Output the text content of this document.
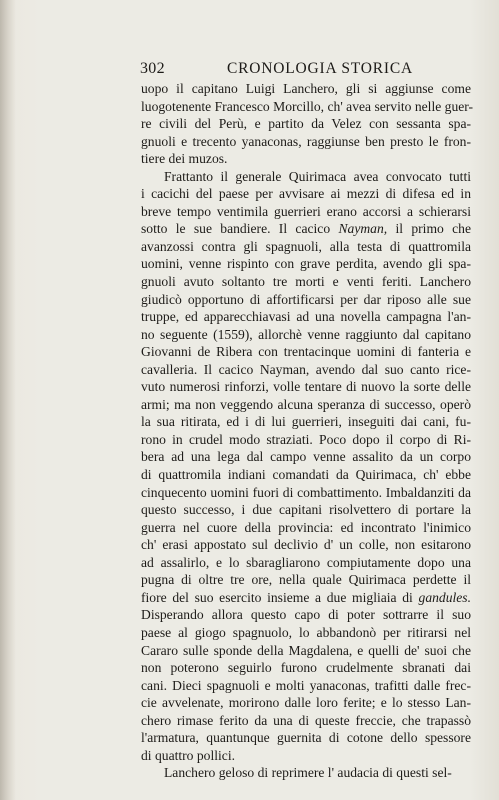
302	CRONOLOGIA STORICA
uopo il capitano Luigi Lanchero, gli si aggiunse come
luogotenente Francesco Morcillo, ch' avea servito nelle guer-
re civili del Perù, e partito da Velez con sessanta spa-
gnuoli e trecento yanaconas, raggiunse ben presto le fron-
tiere dei muzos.
Frattanto il generale Quirimaca avea convocato tutti
i cacichi del paese per avvisare ai mezzi di difesa ed in
breve tempo ventimila guerrieri erano accorsi a schierarsi
sotto le sue bandiere. Il cacico Nayman, il primo che
avanzossi contra gli spagnuoli, alla testa di quattromila
uomini, venne rispinto con grave perdita, avendo gli spa-
gnuoli avuto soltanto tre morti e venti feriti. Lanchero
giudicò opportuno di affortificarsi per dar riposo alle sue
truppe, ed apparecchiavasi ad una novella campagna l'an-
no seguente (1559), allorchè venne raggiunto dal capitano
Giovanni de Ribera con trentacinque uomini di fanteria e
cavalleria. Il cacico Nayman, avendo dal suo canto rice-
vuto numerosi rinforzi, volle tentare di nuovo la sorte delle
armi; ma non veggendo alcuna speranza di successo, operò
la sua ritirata, ed i di lui guerrieri, inseguiti dai cani, fu-
rono in crudel modo straziati. Poco dopo il corpo di Ri-
bera ad una lega dal campo venne assalito da un corpo
di quattromila indiani comandati da Quirimaca, ch' ebbe
cinquecento uomini fuori di combattimento. Imbaldanziti da
questo successo, i due capitani risolvettero di portare la
guerra nel cuore della provincia: ed incontrato l'inimico
ch' erasi appostato sul declivio d' un colle, non esitarono
ad assalirlo, e lo sbaragliarono compiutamente dopo una
pugna di oltre tre ore, nella quale Quirimaca perdette il
fiore del suo esercito insieme a due migliaia di gandules.
Disperando allora questo capo di poter sottrarre il suo
paese al giogo spagnuolo, lo abbandonò per ritirarsi nel
Cararo sulle sponde della Magdalena, e quelli de' suoi che
non poterono seguirlo furono crudelmente sbranati dai
cani. Dieci spagnuoli e molti yanaconas, trafitti dalle frec-
cie avvelenate, morirono dalle loro ferite; e lo stesso Lan-
chero rimase ferito da una di queste freccie, che trapassò
l'armatura, quantunque guernita di cotone dello spessore
di quattro pollici.
Lanchero geloso di reprimere l' audacia di questi sel-
